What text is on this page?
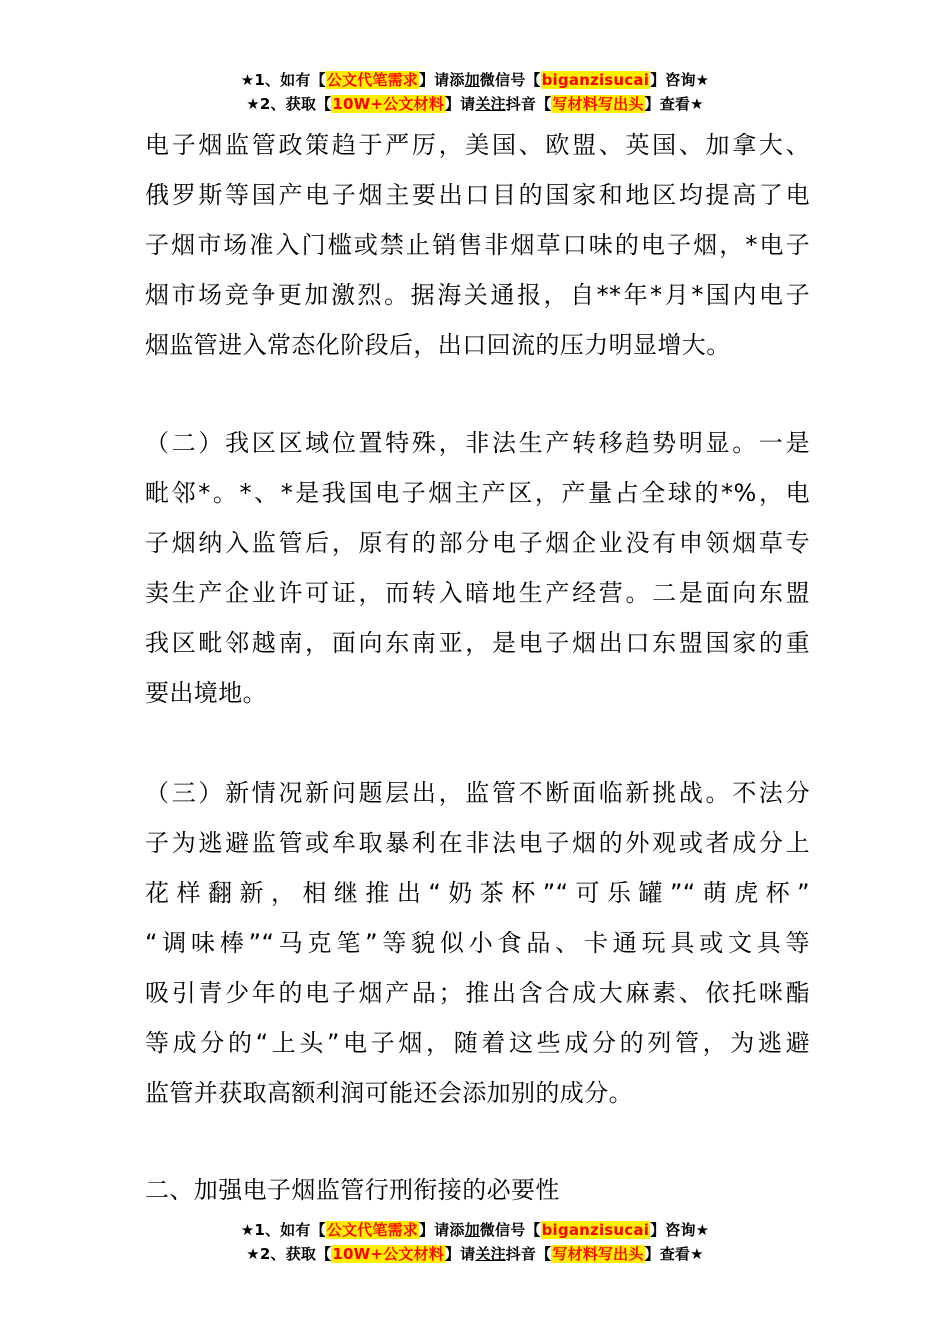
★1、如有【公文代笔需求】请添加微信号【biganzisucai】咨询★
★2、获取【10W+公文材料】请关注抖音【写材料写出头】查看★
电子烟监管政策趋于严厉，美国、欧盟、英国、加拿大、
俄罗斯等国产电子烟主要出口目的国家和地区均提高了电
子烟市场准入门槛或禁止销售非烟草口味的电子烟，*电子
烟市场竞争更加激烈。据海关通报，自**年*月*国内电子
烟监管进入常态化阶段后，出口回流的压力明显增大。
（二）我区区域位置特殊，非法生产转移趋势明显。一是
毗邻*。*、*是我国电子烟主产区，产量占全球的*%，电
子烟纳入监管后，原有的部分电子烟企业没有申领烟草专
卖生产企业许可证，而转入暗地生产经营。二是面向东盟
我区毗邻越南，面向东南亚，是电子烟出口东盟国家的重
要出境地。
（三）新情况新问题层出，监管不断面临新挑战。不法分
子为逃避监管或牟取暴利在非法电子烟的外观或者成分上
花样翻新，相继推出“奶茶杯”“可乐罐”“萌虎杯”
“调味棒”“马克笔”等貌似小食品、卡通玩具或文具等
吸引青少年的电子烟产品；推出含合成大麻素、依托咪酯
等成分的“上头”电子烟，随着这些成分的列管，为逃避
监管并获取高额利润可能还会添加别的成分。
二、加强电子烟监管行刑衔接的必要性
★1、如有【公文代笔需求】请添加微信号【biganzisucai】咨询★
★2、获取【10W+公文材料】请关注抖音【写材料写出头】查看★
